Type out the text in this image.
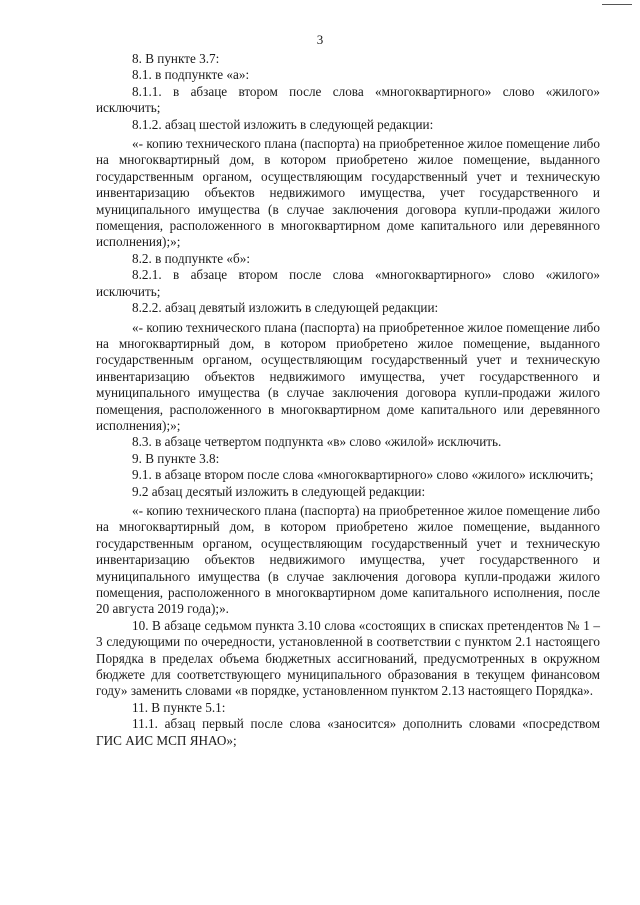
3

8. В пункте 3.7:

8.1. в подпункте «а»:

8.1.1. в абзаце втором после слова «многоквартирного» слово «жилого» исключить;

8.1.2. абзац шестой изложить в следующей редакции:

«- копию технического плана (паспорта) на приобретенное жилое помещение либо на многоквартирный дом, в котором приобретено жилое помещение, выданного государственным органом, осуществляющим государственный учет и техническую инвентаризацию объектов недвижимого имущества, учет государственного и муниципального имущества (в случае заключения договора купли-продажи жилого помещения, расположенного в многоквартирном доме капитального или деревянного исполнения);»;

8.2. в подпункте «б»:

8.2.1. в абзаце втором после слова «многоквартирного» слово «жилого» исключить;

8.2.2. абзац девятый изложить в следующей редакции:

«- копию технического плана (паспорта) на приобретенное жилое помещение либо на многоквартирный дом, в котором приобретено жилое помещение, выданного государственным органом, осуществляющим государственный учет и техническую инвентаризацию объектов недвижимого имущества, учет государственного и муниципального имущества (в случае заключения договора купли-продажи жилого помещения, расположенного в многоквартирном доме капитального или деревянного исполнения);»;

8.3. в абзаце четвертом подпункта «в» слово «жилой» исключить.

9. В пункте 3.8:

9.1. в абзаце втором после слова «многоквартирного» слово «жилого» исключить;

9.2 абзац десятый изложить в следующей редакции:

«- копию технического плана (паспорта) на приобретенное жилое помещение либо на многоквартирный дом, в котором приобретено жилое помещение, выданного государственным органом, осуществляющим государственный учет и техническую инвентаризацию объектов недвижимого имущества, учет государственного и муниципального имущества (в случае заключения договора купли-продажи жилого помещения, расположенного в многоквартирном доме капитального исполнения, после 20 августа 2019 года);».

10. В абзаце седьмом пункта 3.10 слова «состоящих в списках претендентов № 1 – 3 следующими по очередности, установленной в соответствии с пунктом 2.1 настоящего Порядка в пределах объема бюджетных ассигнований, предусмотренных в окружном бюджете для соответствующего муниципального образования в текущем финансовом году» заменить словами «в порядке, установленном пунктом 2.13 настоящего Порядка».

11. В пункте 5.1:

11.1. абзац первый после слова «заносится» дополнить словами «посредством ГИС АИС МСП ЯНАО»;
